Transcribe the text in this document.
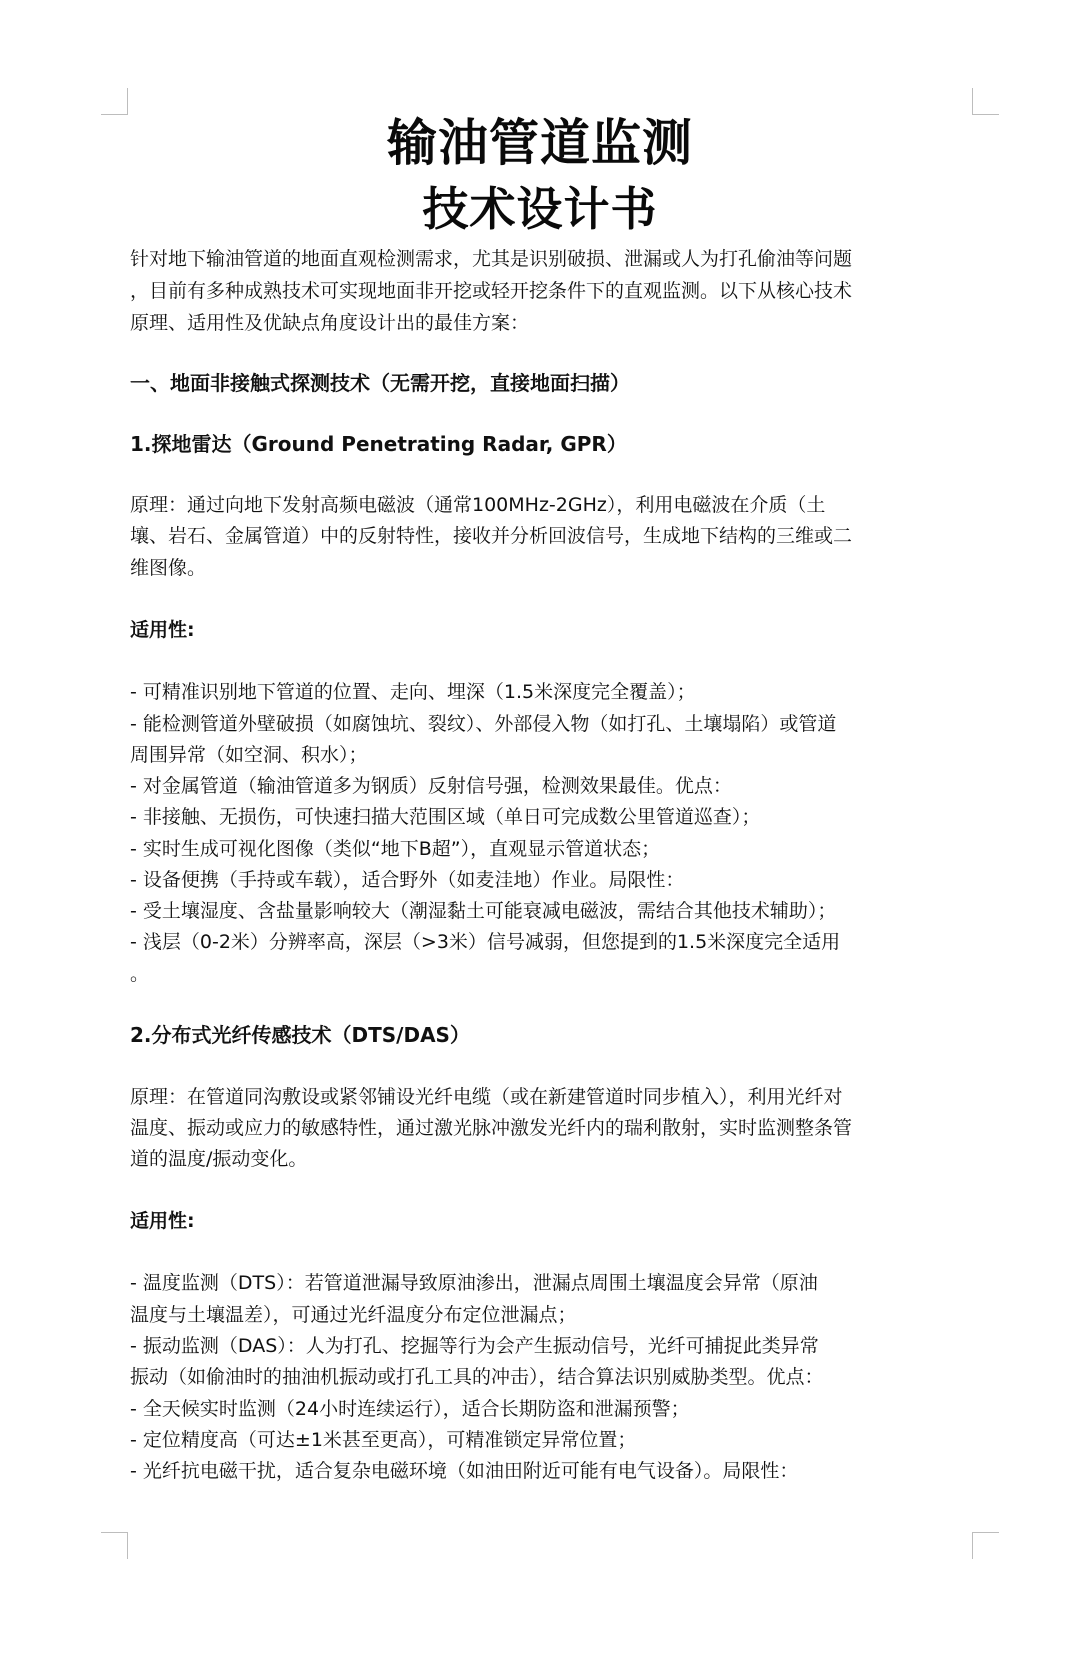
输油管道监测
技术设计书
针对地下输油管道的地面直观检测需求，尤其是识别破损、泄漏或人为打孔偷油等问题
，目前有多种成熟技术可实现地面非开挖或轻开挖条件下的直观监测。以下从核心技术
原理、适用性及优缺点角度设计出的最佳方案：
一、地面非接触式探测技术（无需开挖，直接地面扫描）
1.探地雷达（Ground Penetrating Radar, GPR）
原理：通过向地下发射高频电磁波（通常100MHz-2GHz），利用电磁波在介质（土
壤、岩石、金属管道）中的反射特性，接收并分析回波信号，生成地下结构的三维或二
维图像。
适用性:
- 可精准识别地下管道的位置、走向、埋深（1.5米深度完全覆盖）；
- 能检测管道外壁破损（如腐蚀坑、裂纹）、外部侵入物（如打孔、土壤塌陷）或管道
周围异常（如空洞、积水）；
- 对金属管道（输油管道多为钢质）反射信号强，检测效果最佳。优点：
- 非接触、无损伤，可快速扫描大范围区域（单日可完成数公里管道巡查）；
- 实时生成可视化图像（类似“地下B超”），直观显示管道状态；
- 设备便携（手持或车载），适合野外（如麦洼地）作业。局限性：
- 受土壤湿度、含盐量影响较大（潮湿黏土可能衰减电磁波，需结合其他技术辅助）；
- 浅层（0-2米）分辨率高，深层（>3米）信号减弱，但您提到的1.5米深度完全适用
。
2.分布式光纤传感技术（DTS/DAS）
原理：在管道同沟敷设或紧邻铺设光纤电缆（或在新建管道时同步植入），利用光纤对
温度、振动或应力的敏感特性，通过激光脉冲激发光纤内的瑞利散射，实时监测整条管
道的温度/振动变化。
适用性:
- 温度监测（DTS）：若管道泄漏导致原油渗出，泄漏点周围土壤温度会异常（原油
温度与土壤温差），可通过光纤温度分布定位泄漏点；
- 振动监测（DAS）：人为打孔、挖掘等行为会产生振动信号，光纤可捕捉此类异常
振动（如偷油时的抽油机振动或打孔工具的冲击），结合算法识别威胁类型。优点：
- 全天候实时监测（24小时连续运行），适合长期防盗和泄漏预警；
- 定位精度高（可达±1米甚至更高），可精准锁定异常位置；
- 光纤抗电磁干扰，适合复杂电磁环境（如油田附近可能有电气设备）。局限性：
